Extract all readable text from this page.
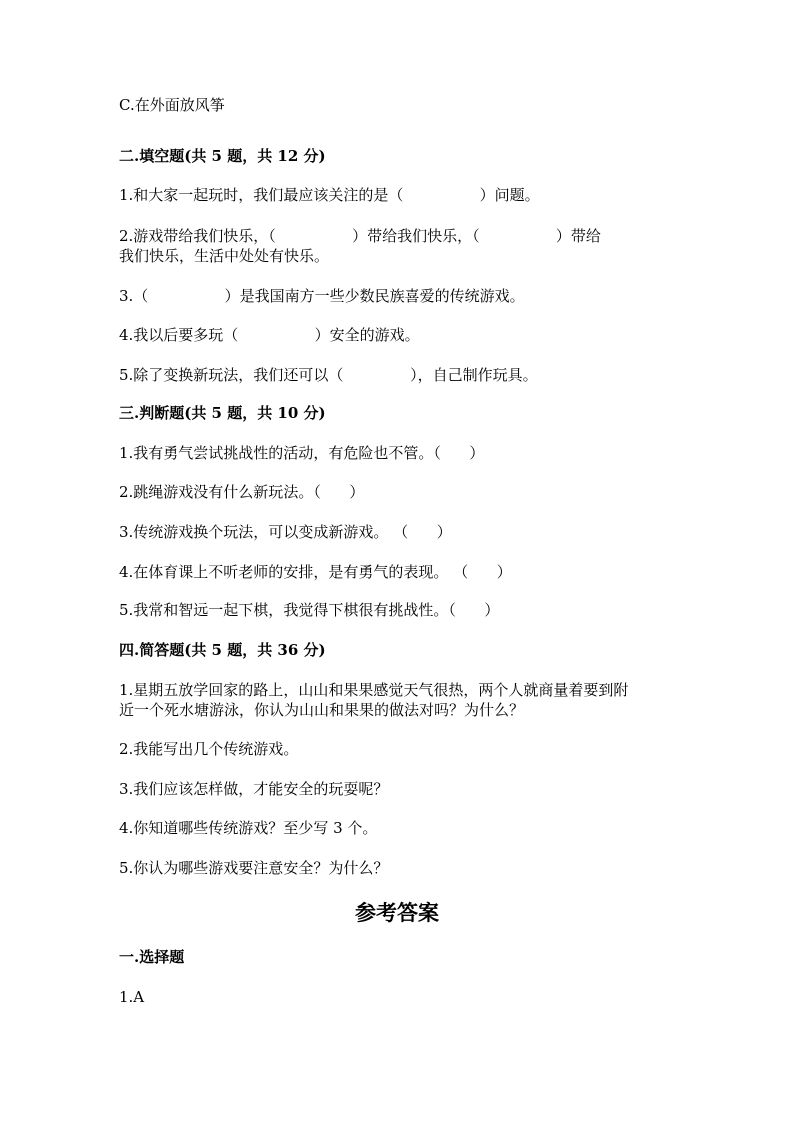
C.在外面放风筝

二.填空题(共 5 题，共 12 分)

1.和大家一起玩时，我们最应该关注的是（                ）问题。

2.游戏带给我们快乐，（                ）带给我们快乐，（                ）带给

我们快乐，生活中处处有快乐。

3.（                ）是我国南方一些少数民族喜爱的传统游戏。

4.我以后要多玩（                ）安全的游戏。

5.除了变换新玩法，我们还可以（              ），自己制作玩具。

三.判断题(共 5 题，共 10 分)

1.我有勇气尝试挑战性的活动，有危险也不管。（      ）

2.跳绳游戏没有什么新玩法。（      ）

3.传统游戏换个玩法，可以变成新游戏。 （      ）

4.在体育课上不听老师的安排，是有勇气的表现。 （      ）

5.我常和智远一起下棋，我觉得下棋很有挑战性。（      ）

四.简答题(共 5 题，共 36 分)

1.星期五放学回家的路上，山山和果果感觉天气很热，两个人就商量着要到附

近一个死水塘游泳，你认为山山和果果的做法对吗？为什么？

2.我能写出几个传统游戏。

3.我们应该怎样做，才能安全的玩耍呢？

4.你知道哪些传统游戏？至少写 3 个。

5.你认为哪些游戏要注意安全？为什么？

参考答案

一.选择题

1.A
